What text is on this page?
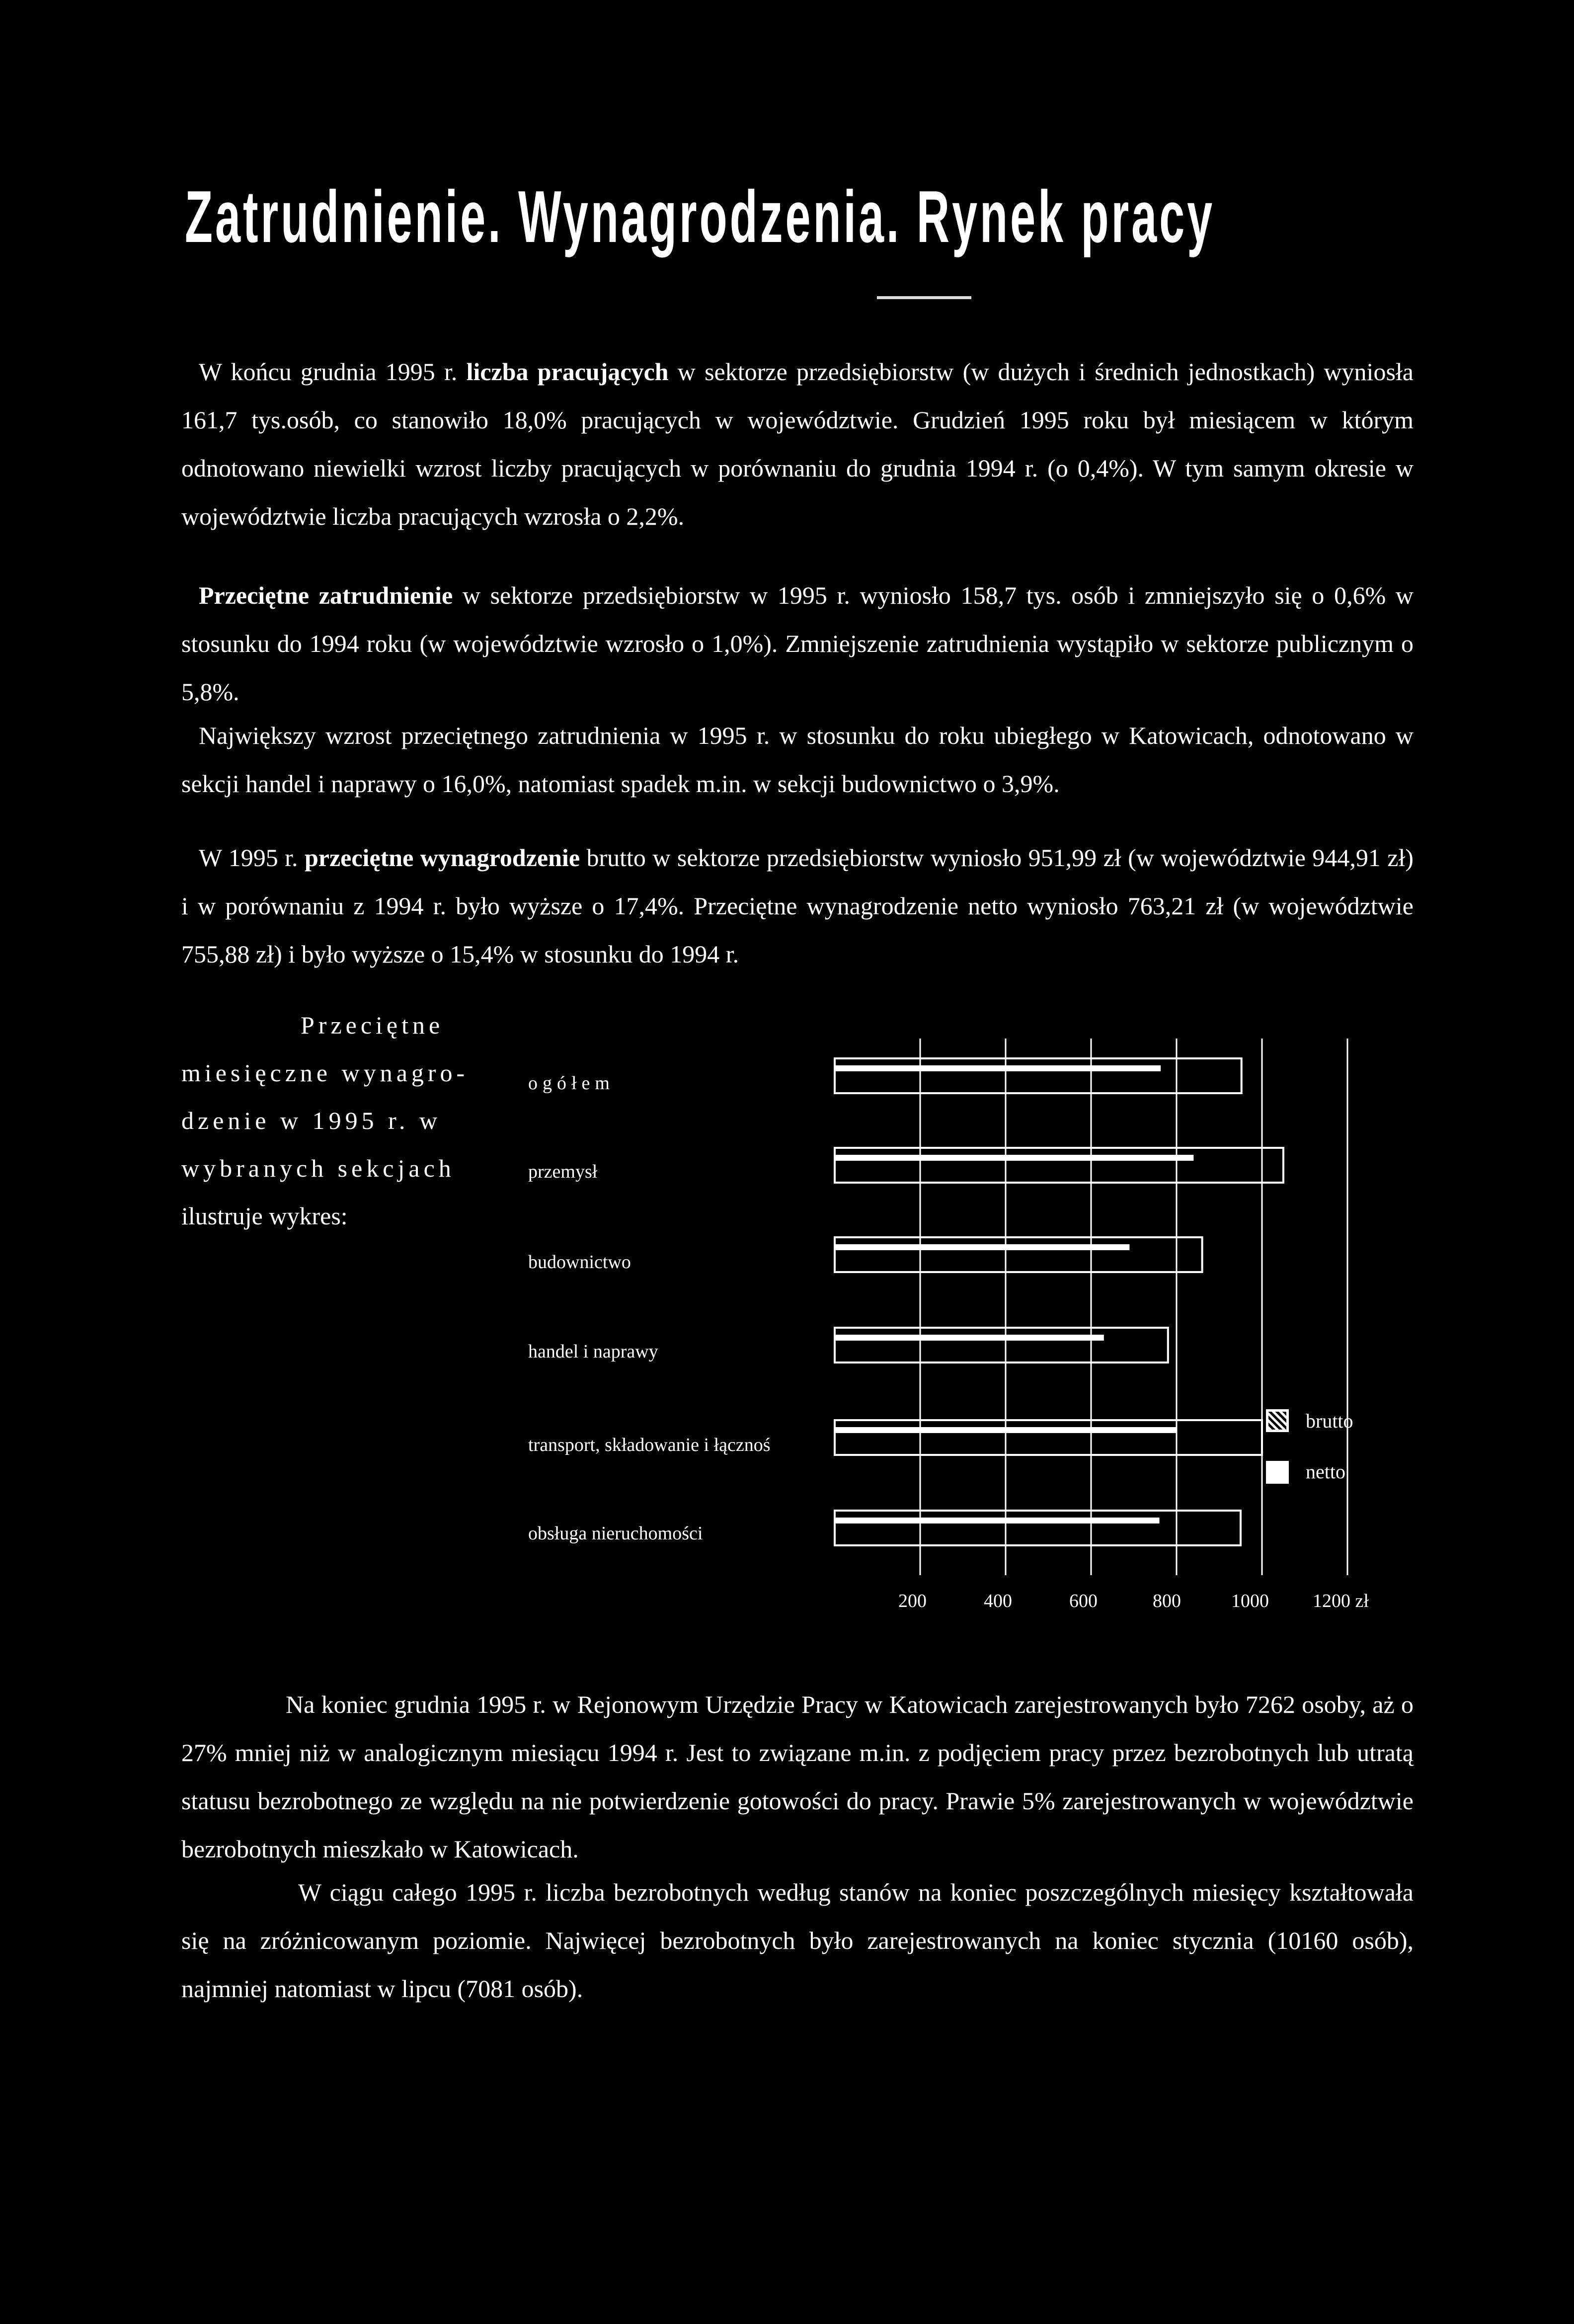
Zatrudnienie. Wynagrodzenia. Rynek pracy

W końcu grudnia 1995 r. liczba pracujących w sektorze przedsiębiorstw (w dużych i średnich jednostkach) wyniosła 161,7 tys.osób, co stanowiło 18,0% pracujących w województwie. Grudzień 1995 roku był miesiącem w którym odnotowano niewielki wzrost liczby pracujących w porównaniu do grudnia 1994 r. (o 0,4%). W tym samym okresie w województwie liczba pracujących wzrosła o 2,2%.

Przeciętne zatrudnienie w sektorze przedsiębiorstw w 1995 r. wyniosło 158,7 tys. osób i zmniejszyło się o 0,6% w stosunku do 1994 roku (w województwie wzrosło o 1,0%). Zmniejszenie zatrudnienia wystąpiło w sektorze publicznym o 5,8%.

Największy wzrost przeciętnego zatrudnienia w 1995 r. w stosunku do roku ubiegłego w Katowicach, odnotowano w sekcji handel i naprawy o 16,0%, natomiast spadek m.in. w sekcji budownictwo o 3,9%.

W 1995 r. przeciętne wynagrodzenie brutto w sektorze przedsiębiorstw wyniosło 951,99 zł (w województwie 944,91 zł) i w porównaniu z 1994 r. było wyższe o 17,4%. Przeciętne wynagrodzenie netto wyniosło 763,21 zł (w województwie 755,88 zł) i było wyższe o 15,4% w stosunku do 1994 r.

Przeciętne
miesięczne wynagro-
dzenie w 1995 r. w
wybranych sekcjach
ilustruje wykres:
ogółem
przemysł
budownictwo
handel i naprawy
transport, składowanie i łącznoś
obsługa nieruchomości
brutto
netto
200	400	600	800	1000 1200 zł

Na koniec grudnia 1995 r. w Rejonowym Urzędzie Pracy w Katowicach zarejestrowanych było 7262 osoby, aż o 27% mniej niż w analogicznym miesiącu 1994 r. Jest to związane m.in. z podjęciem pracy przez bezrobotnych lub utratą statusu bezrobotnego ze względu na nie potwierdzenie gotowości do pracy. Prawie 5% zarejestrowanych w województwie bezrobotnych mieszkało w Katowicach.

W ciągu całego 1995 r. liczba bezrobotnych według stanów na koniec poszczególnych miesięcy kształtowała się na zróżnicowanym poziomie. Najwięcej bezrobotnych było zarejestrowanych na koniec stycznia (10160 osób), najmniej natomiast w lipcu (7081 osób).
